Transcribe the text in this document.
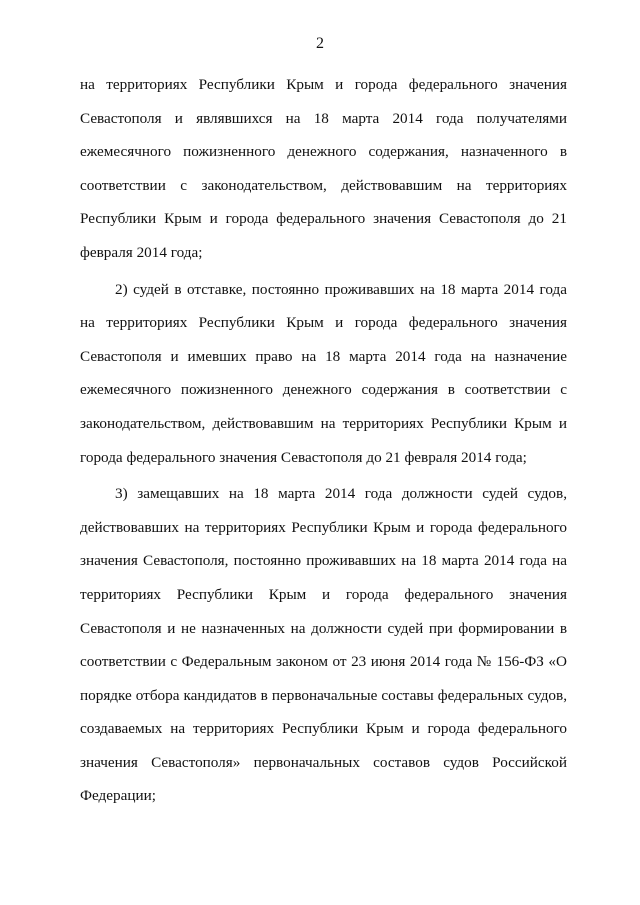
2
на территориях Республики Крым и города федерального значения
Севастополя и являвшихся на 18 марта 2014 года получателями
ежемесячного пожизненного денежного содержания, назначенного в
соответствии с законодательством, действовавшим на территориях
Республики Крым и города федерального значения Севастополя до 21
февраля 2014 года;
2) судей в отставке, постоянно проживавших на 18 марта 2014 года
на территориях Республики Крым и города федерального значения
Севастополя и имевших право на 18 марта 2014 года на назначение
ежемесячного пожизненного денежного содержания в соответствии с
законодательством, действовавшим на территориях Республики Крым и
города федерального значения Севастополя до 21 февраля 2014 года;
3) замещавших на 18 марта 2014 года должности судей судов,
действовавших на территориях Республики Крым и города федерального
значения Севастополя, постоянно проживавших на 18 марта 2014 года на
территориях Республики Крым и города федерального значения
Севастополя и не назначенных на должности судей при формировании в
соответствии с Федеральным законом от 23 июня 2014 года № 156-ФЗ «О
порядке отбора кандидатов в первоначальные составы федеральных судов,
создаваемых на территориях Республики Крым и города федерального
значения Севастополя» первоначальных составов судов Российской
Федерации;
